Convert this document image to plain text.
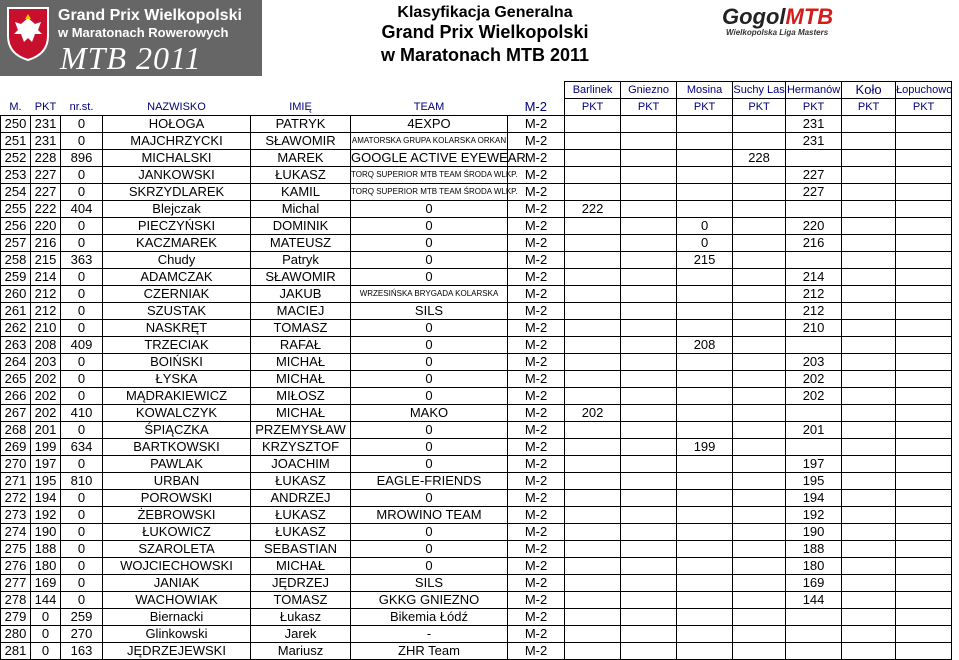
Grand Prix Wielkopolski
w Maratonach Rowerowych
MTB 2011
Klasyfikacja Generalna
Grand Prix Wielkopolski
w Maratonach MTB 2011
GogolMTB
Wielkopolska Liga Masters
							Barlinek	Gniezno	Mosina	Suchy Las	Hermanów	Koło	Łopuchowo
M.	PKT	nr.st.	NAZWISKO	IMIĘ	TEAM	M-2	PKT	PKT	PKT	PKT	PKT	PKT	PKT
250	231	0	HOŁOGA	PATRYK	4EXPO	M-2					231		
251	231	0	MAJCHRZYCKI	SŁAWOMIR	AMATORSKA GRUPA KOLARSKA ORKAN	M-2					231		
252	228	896	MICHALSKI	MAREK	GOOGLE ACTIVE EYEWEAR	M-2				228			
253	227	0	JANKOWSKI	ŁUKASZ	TORQ SUPERIOR MTB TEAM ŚRODA WLKP.	M-2					227		
254	227	0	SKRZYDLAREK	KAMIL	TORQ SUPERIOR MTB TEAM ŚRODA WLKP.	M-2					227		
255	222	404	Blejczak	Michal	0	M-2	222						
256	220	0	PIECZYŃSKI	DOMINIK	0	M-2			0		220		
257	216	0	KACZMAREK	MATEUSZ	0	M-2			0		216		
258	215	363	Chudy	Patryk	0	M-2			215				
259	214	0	ADAMCZAK	SŁAWOMIR	0	M-2					214		
260	212	0	CZERNIAK	JAKUB	WRZESIŃSKA BRYGADA KOLARSKA	M-2					212		
261	212	0	SZUSTAK	MACIEJ	SILS	M-2					212		
262	210	0	NASKRĘT	TOMASZ	0	M-2					210		
263	208	409	TRZECIAK	RAFAŁ	0	M-2			208				
264	203	0	BOIŃSKI	MICHAŁ	0	M-2					203		
265	202	0	ŁYSKA	MICHAŁ	0	M-2					202		
266	202	0	MĄDRAKIEWICZ	MIŁOSZ	0	M-2					202		
267	202	410	KOWALCZYK	MICHAŁ	MAKO	M-2	202						
268	201	0	ŚPIĄCZKA	PRZEMYSŁAW	0	M-2					201		
269	199	634	BARTKOWSKI	KRZYSZTOF	0	M-2			199				
270	197	0	PAWLAK	JOACHIM	0	M-2					197		
271	195	810	URBAN	ŁUKASZ	EAGLE-FRIENDS	M-2					195		
272	194	0	POROWSKI	ANDRZEJ	0	M-2					194		
273	192	0	ŻEBROWSKI	ŁUKASZ	MROWINO TEAM	M-2					192		
274	190	0	ŁUKOWICZ	ŁUKASZ	0	M-2					190		
275	188	0	SZAROLETA	SEBASTIAN	0	M-2					188		
276	180	0	WOJCIECHOWSKI	MICHAŁ	0	M-2					180		
277	169	0	JANIAK	JĘDRZEJ	SILS	M-2					169		
278	144	0	WACHOWIAK	TOMASZ	GKKG GNIEZNO	M-2					144		
279	0	259	Biernacki	Łukasz	Bikemia Łódź	M-2							
280	0	270	Glinkowski	Jarek	-	M-2							
281	0	163	JĘDRZEJEWSKI	Mariusz	ZHR Team	M-2							
